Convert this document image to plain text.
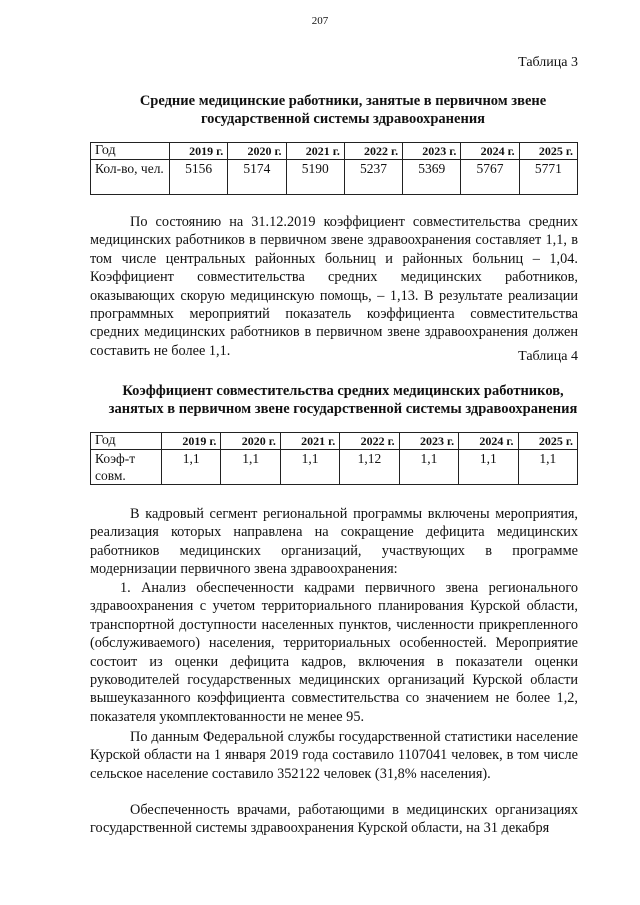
207
Таблица 3
Средние медицинские работники, занятые в первичном звене
государственной системы здравоохранения
Год	2019 г.	2020 г.	2021 г.	2022 г.	2023 г.	2024 г.	2025 г.
Кол-во, чел.	5156	5174	5190	5237	5369	5767	5771

По состоянию на 31.12.2019 коэффициент совместительства средних медицинских работников в первичном звене здравоохранения составляет 1,1, в том числе центральных районных больниц и районных больниц – 1,04. Коэффициент совместительства средних медицинских работников, оказывающих скорую медицинскую помощь, – 1,13. В результате реализации программных мероприятий показатель коэффициента совместительства средних медицинских работников в первичном звене здравоохранения должен составить не более 1,1.	Таблица 4
Коэффициент совместительства средних медицинских работников,
занятых в первичном звене государственной системы здравоохранения
Год	2019 г.	2020 г.	2021 г.	2022 г.	2023 г.	2024 г.	2025 г.
Коэф-т совм.	1,1	1,1	1,1	1,12	1,1	1,1	1,1

В кадровый сегмент региональной программы включены мероприятия, реализация которых направлена на сокращение дефицита медицинских работников медицинских организаций, участвующих в программе модернизации первичного звена здравоохранения:

1. Анализ обеспеченности кадрами первичного звена регионального здравоохранения с учетом территориального планирования Курской области, транспортной доступности населенных пунктов, численности прикрепленного (обслуживаемого) населения, территориальных особенностей. Мероприятие состоит из оценки дефицита кадров, включения в показатели оценки руководителей государственных медицинских организаций Курской области вышеуказанного коэффициента совместительства со значением не более 1,2, показателя укомплектованности не менее 95.

По данным Федеральной службы государственной статистики население Курской области на 1 января 2019 года составило 1107041 человек, в том числе сельское население составило 352122 человек (31,8% населения).

Обеспеченность врачами, работающими в медицинских организациях государственной системы здравоохранения Курской области, на 31 декабря
